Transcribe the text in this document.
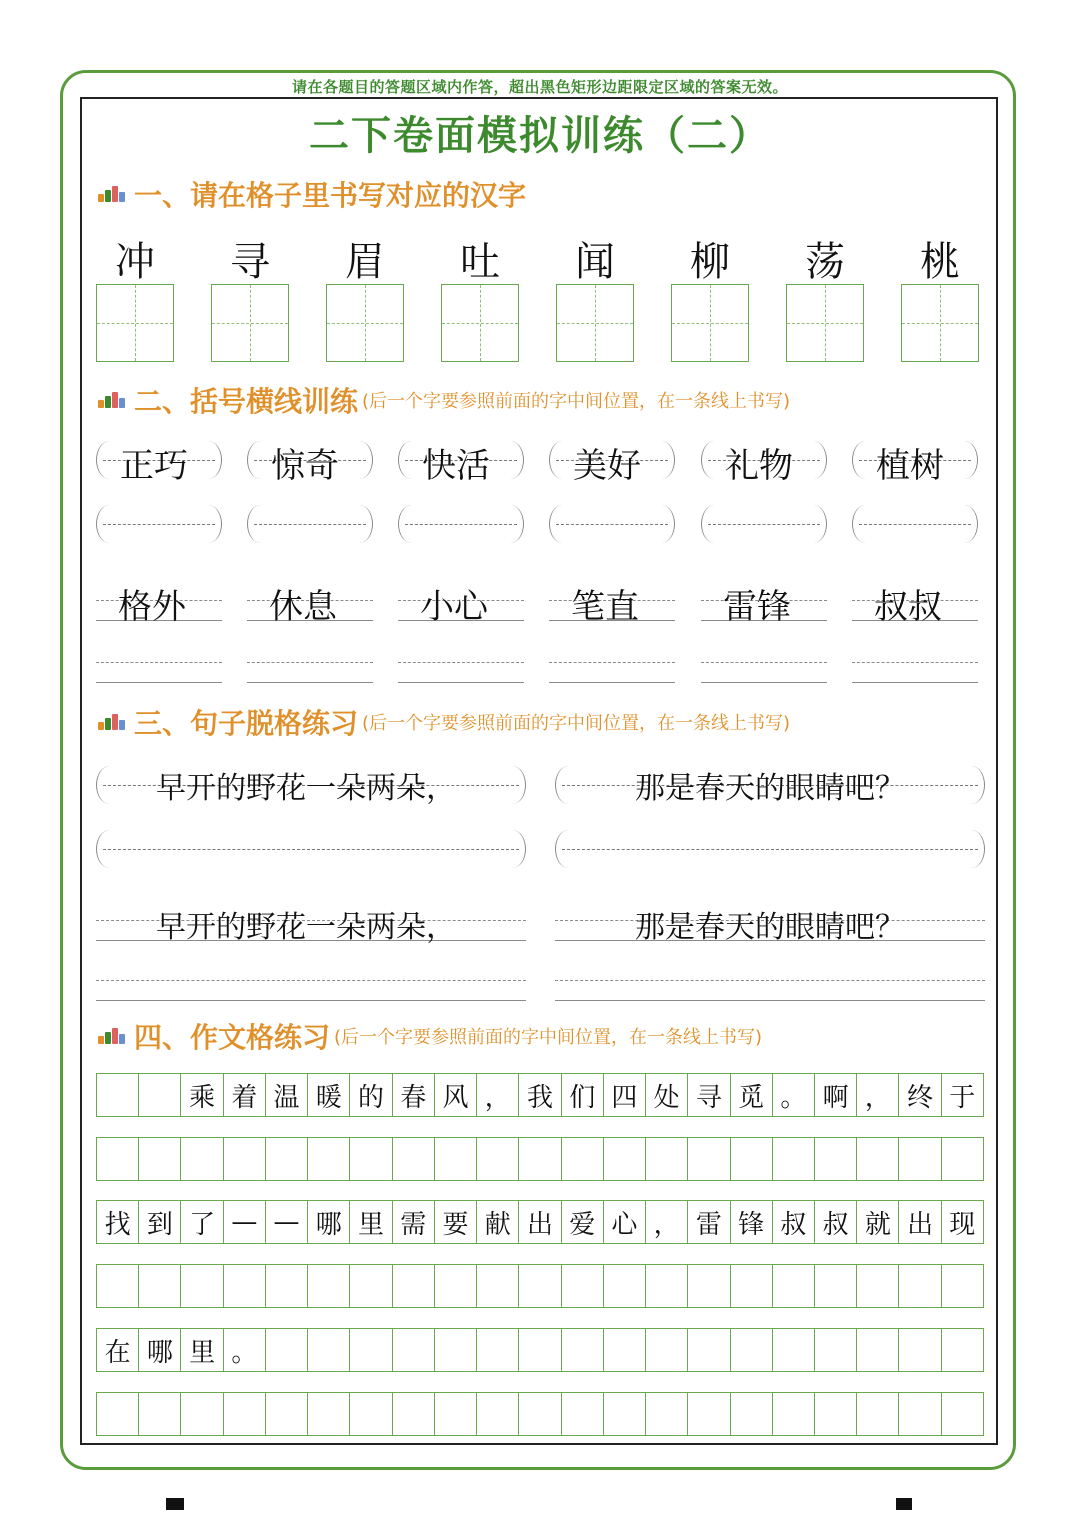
请在各题目的答题区域内作答，超出黑色矩形边距限定区域的答案无效。
二下卷面模拟训练（二）
一、请在格子里书写对应的汉字
二、括号横线训练 (后一个字要参照前面的字中间位置，在一条线上书写)
三、句子脱格练习 (后一个字要参照前面的字中间位置，在一条线上书写)
四、作文格练习 (后一个字要参照前面的字中间位置，在一条线上书写)
冲	寻	眉	吐	闻	柳	荡	桃
正巧 惊奇 快活 美好 礼物 植树
格外 休息 小心 笔直 雷锋 叔叔
早开的野花一朵两朵，
早开的野花一朵两朵，
那是春天的眼睛吧？
那是春天的眼睛吧？
乘 着 温 暖 的 春 风 ， 我 们 四 处 寻 觅 。 啊 ， 终 于
找 到 了 — — 哪 里 需 要 献 出 爱 心 ， 雷 锋 叔 叔 就 出 现
在 哪 里 。
